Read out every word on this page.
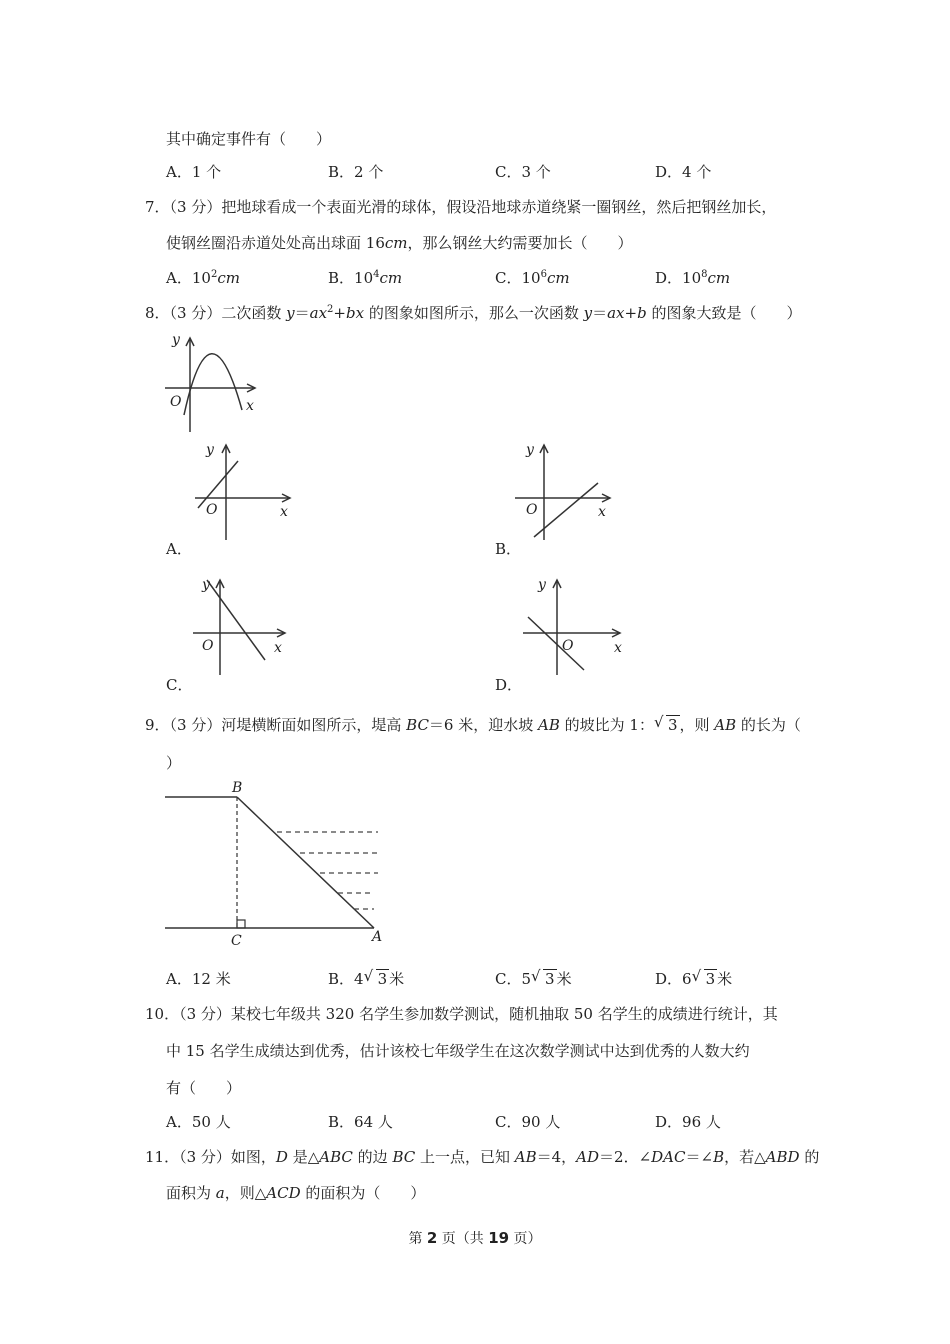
其中确定事件有（　　）
A．1 个	B．2 个	C．3 个	D．4 个
7．（3 分）把地球看成一个表面光滑的球体，假设沿地球赤道绕紧一圈钢丝，然后把钢丝加长，
使钢丝圈沿赤道处处高出球面 16cm，那么钢丝大约需要加长（　　）
A．$10^2cm$	B．$10^4cm$	C．$10^6cm$	D．$10^8cm$
8．（3 分）二次函数 $y=ax^2+bx$ 的图象如图所示，那么一次函数 y＝ax+b 的图象大致是（　　）
y
x
O
y
x
O
A．
y
x
O
B．
y
x
O
C．
y
x
O
D．
9．（3 分）河堤横断面如图所示，堤高 BC＝6 米，迎水坡 AB 的坡比为 1： √ 3 ，则 AB 的长为（
）
B
C	A
A．12 米	B．4 √ 3 米	C．5 √ 3 米	D．6 √ 3 米
10．（3 分）某校七年级共 320 名学生参加数学测试，随机抽取 50 名学生的成绩进行统计，其
中 15 名学生成绩达到优秀，估计该校七年级学生在这次数学测试中达到优秀的人数大约
有（　　）
A．50 人	B．64 人	C．90 人	D．96 人
11．（3 分）如图，D 是△ABC 的边 BC 上一点，已知 AB＝4，AD＝2．∠DAC＝∠B，若△ABD 的
面积为 a，则△ACD 的面积为（　　）
第 2 页（共 19 页）
